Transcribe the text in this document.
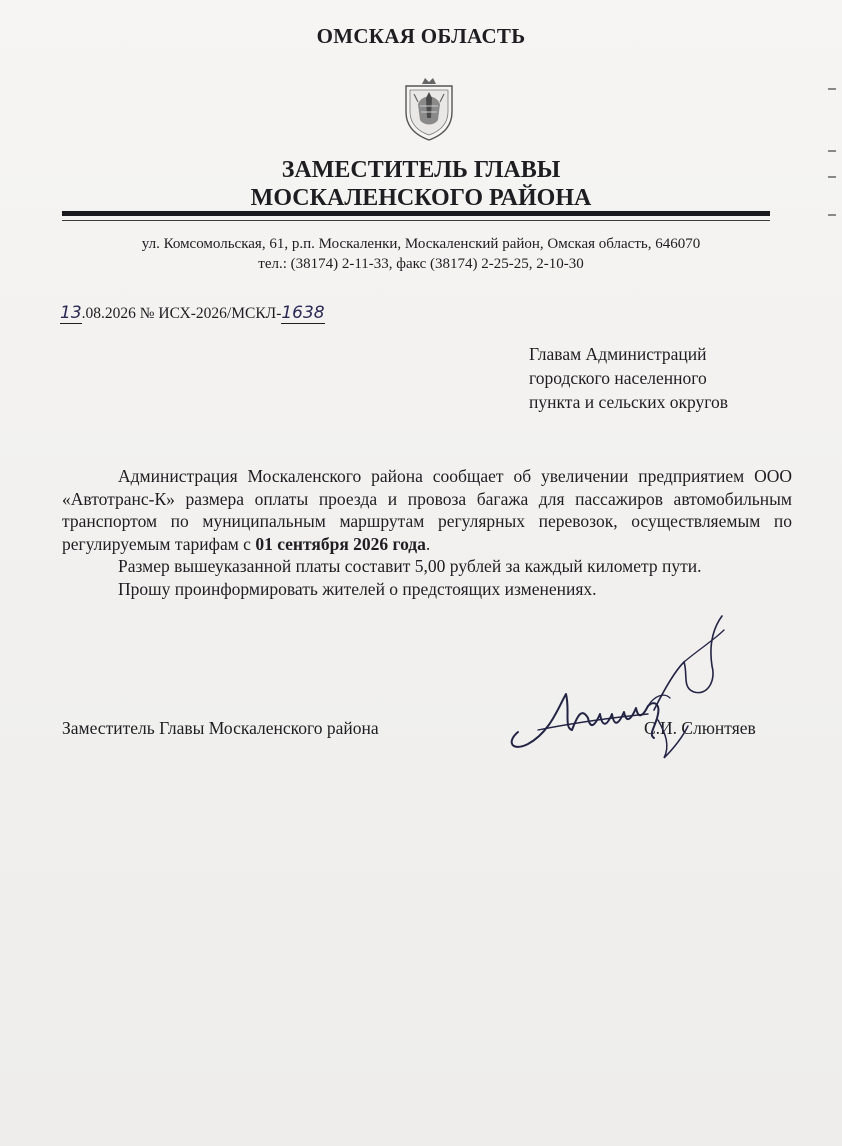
ОМСКАЯ ОБЛАСТЬ
ЗАМЕСТИТЕЛЬ ГЛАВЫ
МОСКАЛЕНСКОГО РАЙОНА
ул. Комсомольская, 61, р.п. Москаленки, Москаленский район, Омская область, 646070
тел.: (38174) 2-11-33, факс (38174) 2-25-25, 2-10-30
13.08.2026 № ИСХ-2026/МСКЛ-1638
Главам Администраций
городского населенного
пункта и сельских округов

Администрация Москаленского района сообщает об увеличении предприятием ООО «Автотранс-К» размера оплаты проезда и провоза багажа для пассажиров автомобильным транспортом по муниципальным маршрутам регулярных перевозок, осуществляемым по регулируемым тарифам с 01 сентября 2026 года.

Размер вышеуказанной платы составит 5,00 рублей за каждый километр пути.

Прошу проинформировать жителей о предстоящих изменениях.

Заместитель Главы Москаленского района	С.И. Слюнтяев
